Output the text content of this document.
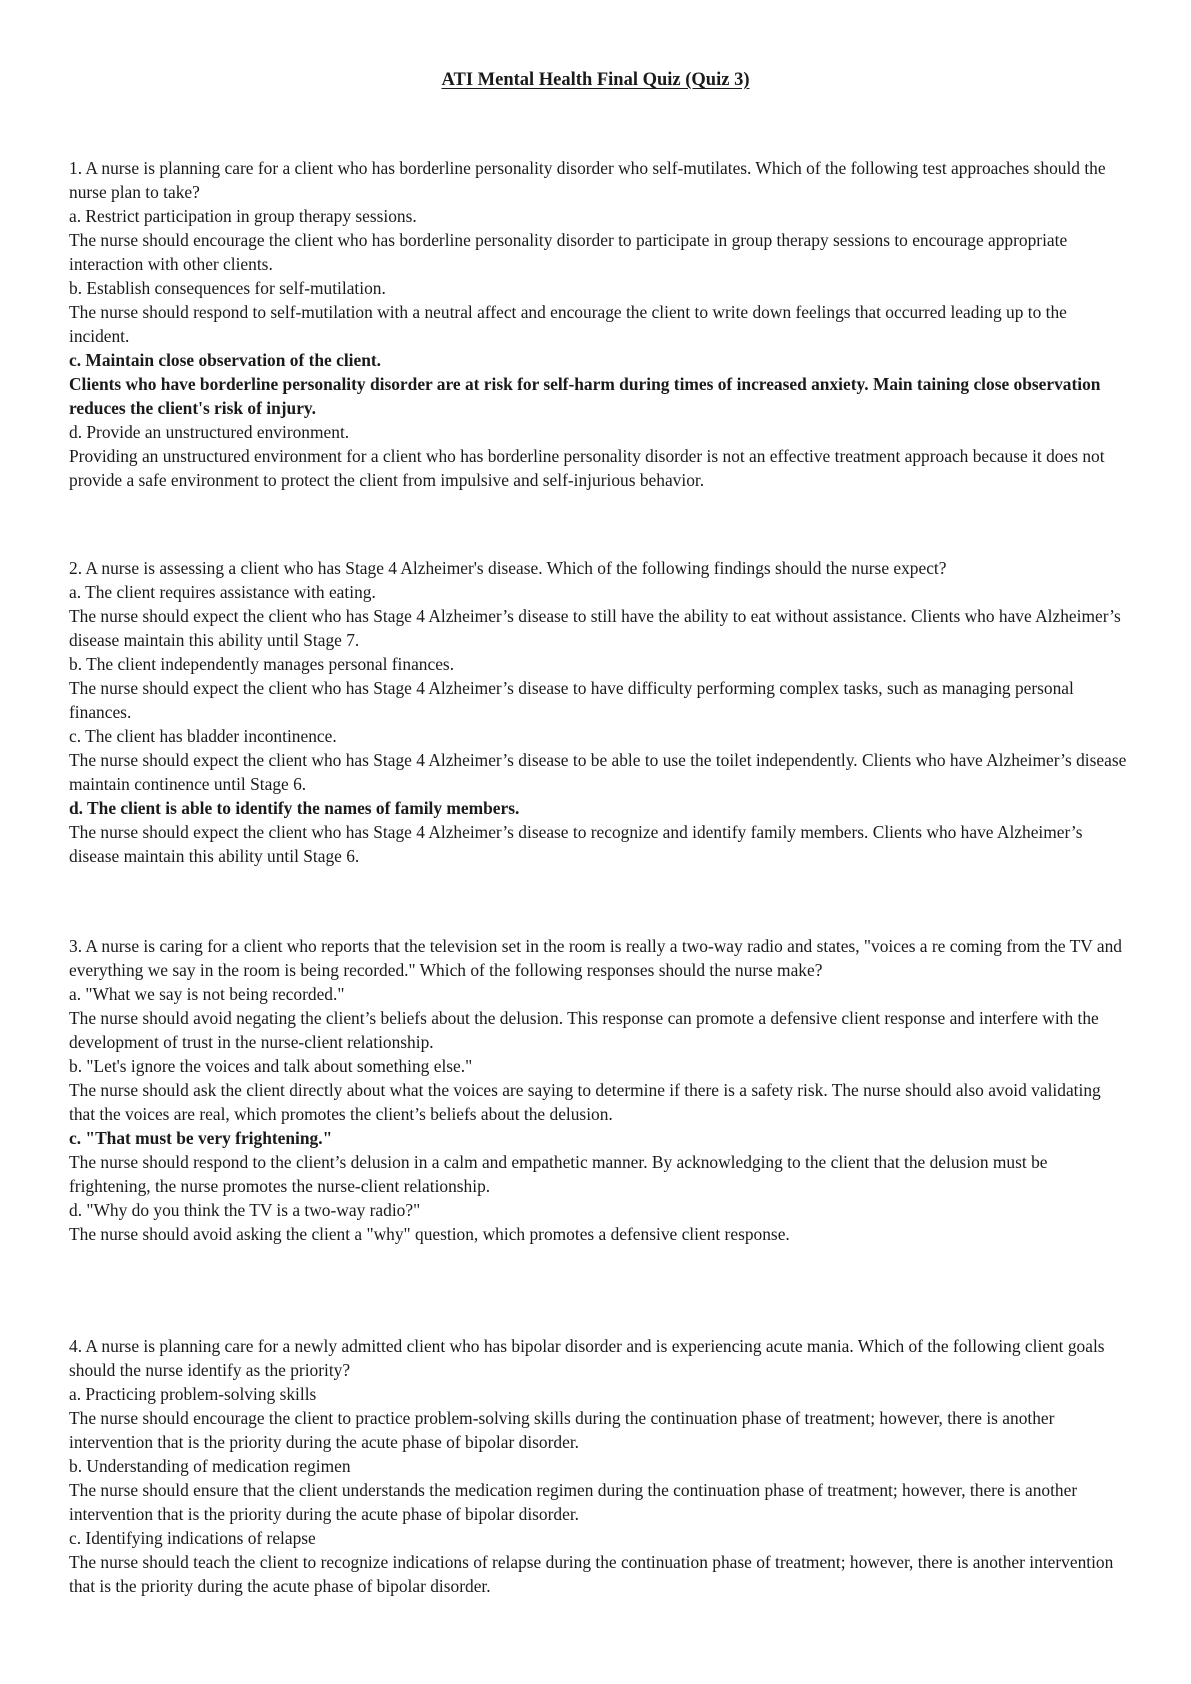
ATI Mental Health Final Quiz (Quiz 3)
1. A nurse is planning care for a client who has borderline personality disorder who self-mutilates. Which of the following test approaches should the nurse plan to take?
a. Restrict participation in group therapy sessions.
The nurse should encourage the client who has borderline personality disorder to participate in group therapy sessions to encourage appropriate interaction with other clients.
b. Establish consequences for self-mutilation.
The nurse should respond to self-mutilation with a neutral affect and encourage the client to write down feelings that occurred leading up to the incident.
c. Maintain close observation of the client.
Clients who have borderline personality disorder are at risk for self-harm during times of increased anxiety. Main taining close observation reduces the client's risk of injury.
d. Provide an unstructured environment.
Providing an unstructured environment for a client who has borderline personality disorder is not an effective treatment approach because it does not provide a safe environment to protect the client from impulsive and self-injurious behavior.
2. A nurse is assessing a client who has Stage 4 Alzheimer's disease. Which of the following findings should the nurse expect?
a. The client requires assistance with eating.
The nurse should expect the client who has Stage 4 Alzheimer’s disease to still have the ability to eat without assistance. Clients who have Alzheimer’s disease maintain this ability until Stage 7.
b. The client independently manages personal finances.
The nurse should expect the client who has Stage 4 Alzheimer’s disease to have difficulty performing complex tasks, such as managing personal finances.
c. The client has bladder incontinence.
The nurse should expect the client who has Stage 4 Alzheimer’s disease to be able to use the toilet independently. Clients who have Alzheimer’s disease maintain continence until Stage 6.
d. The client is able to identify the names of family members.
The nurse should expect the client who has Stage 4 Alzheimer’s disease to recognize and identify family members. Clients who have Alzheimer’s disease maintain this ability until Stage 6.
3. A nurse is caring for a client who reports that the television set in the room is really a two-way radio and states, "voices a re coming from the TV and everything we say in the room is being recorded." Which of the following responses should the nurse make?
a. "What we say is not being recorded."
The nurse should avoid negating the client’s beliefs about the delusion. This response can promote a defensive client response and interfere with the development of trust in the nurse-client relationship.
b. "Let's ignore the voices and talk about something else."
The nurse should ask the client directly about what the voices are saying to determine if there is a safety risk. The nurse should also avoid validating that the voices are real, which promotes the client’s beliefs about the delusion.
c. "That must be very frightening."
The nurse should respond to the client’s delusion in a calm and empathetic manner. By acknowledging to the client that the delusion must be frightening, the nurse promotes the nurse-client relationship.
d. "Why do you think the TV is a two-way radio?"
The nurse should avoid asking the client a "why" question, which promotes a defensive client response.
4. A nurse is planning care for a newly admitted client who has bipolar disorder and is experiencing acute mania. Which of the following client goals should the nurse identify as the priority?
a. Practicing problem-solving skills
The nurse should encourage the client to practice problem-solving skills during the continuation phase of treatment; however, there is another intervention that is the priority during the acute phase of bipolar disorder.
b. Understanding of medication regimen
The nurse should ensure that the client understands the medication regimen during the continuation phase of treatment; however, there is another intervention that is the priority during the acute phase of bipolar disorder.
c. Identifying indications of relapse
The nurse should teach the client to recognize indications of relapse during the continuation phase of treatment; however, there is another intervention that is the priority during the acute phase of bipolar disorder.
